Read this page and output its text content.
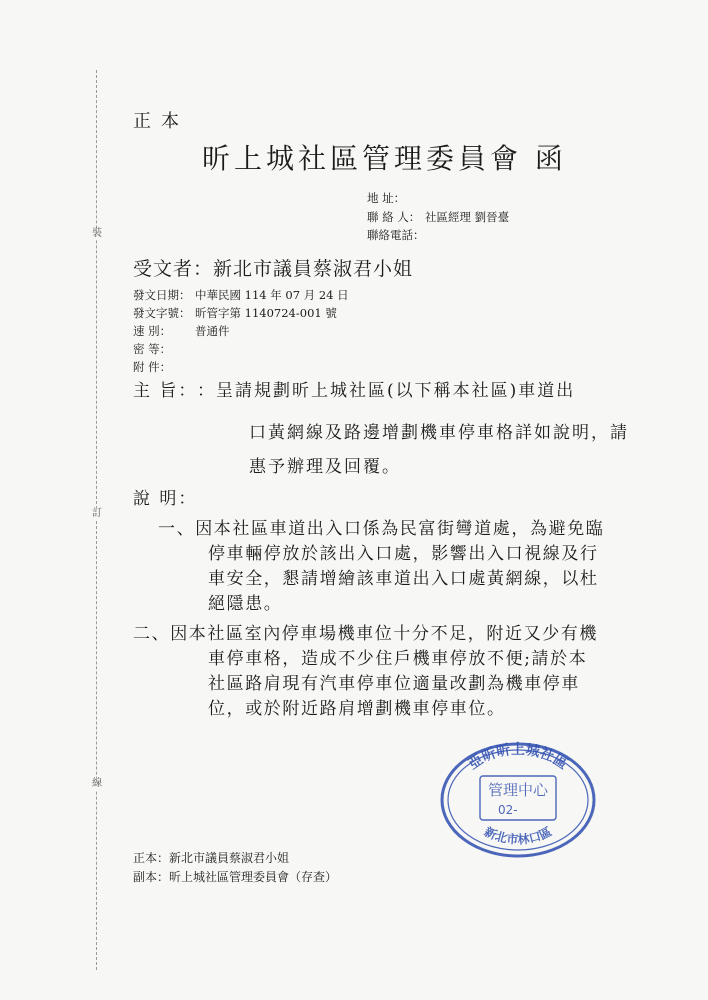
裝
訂
線
正本
昕上城社區管理委員會 函
地 址：
聯 絡 人： 社區經理 劉晉臺
聯絡電話：
受文者：新北市議員蔡淑君小姐
發文日期： 中華民國 114 年 07 月 24 日
發文字號： 昕管字第 1140724-001 號
速 別： 普通件
密 等：
附 件：
主 旨： ：呈請規劃昕上城社區(以下稱本社區)車道出
口黃網線及路邊增劃機車停車格詳如說明，請
惠予辦理及回覆。
說 明：
一、因本社區車道出入口係為民富街彎道處，為避免臨
停車輛停放於該出入口處，影響出入口視線及行
車安全，懇請增繪該車道出入口處黃網線，以杜
絕隱患。
二、因本社區室內停車場機車位十分不足，附近又少有機
車停車格，造成不少住戶機車停放不便;請於本
社區路肩現有汽車停車位適量改劃為機車停車
位，或於附近路肩增劃機車停車位。
亞昕昕上城社區
管理中心
02-
新北市林口區
正本：新北市議員蔡淑君小姐
副本：昕上城社區管理委員會（存查）
